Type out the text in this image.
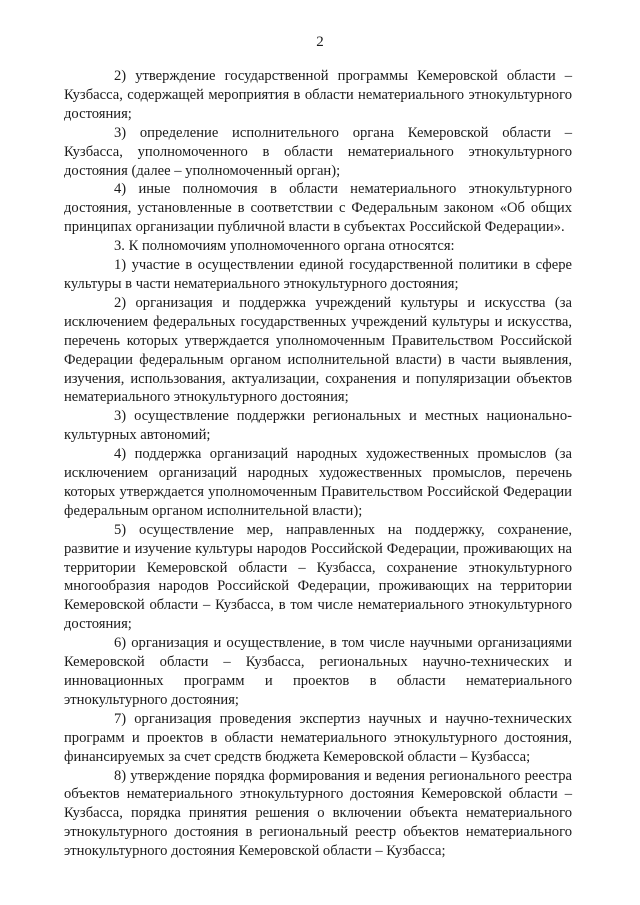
2

2) утверждение государственной программы Кемеровской области – Кузбасса, содержащей мероприятия в области нематериального этнокультурного достояния;

3) определение исполнительного органа Кемеровской области – Кузбасса, уполномоченного в области нематериального этнокультурного достояния (далее – уполномоченный орган);

4) иные полномочия в области нематериального этнокультурного достояния, установленные в соответствии с Федеральным законом «Об общих принципах организации публичной власти в субъектах Российской Федерации».

3. К полномочиям уполномоченного органа относятся:

1) участие в осуществлении единой государственной политики в сфере культуры в части нематериального этнокультурного достояния;

2) организация и поддержка учреждений культуры и искусства (за исключением федеральных государственных учреждений культуры и искусства, перечень которых утверждается уполномоченным Правительством Российской Федерации федеральным органом исполнительной власти) в части выявления, изучения, использования, актуализации, сохранения и популяризации объектов нематериального этнокультурного достояния;

3) осуществление поддержки региональных и местных национально-культурных автономий;

4) поддержка организаций народных художественных промыслов (за исключением организаций народных художественных промыслов, перечень которых утверждается уполномоченным Правительством Российской Федерации федеральным органом исполнительной власти);

5) осуществление мер, направленных на поддержку, сохранение, развитие и изучение культуры народов Российской Федерации, проживающих на территории Кемеровской области – Кузбасса, сохранение этнокультурного многообразия народов Российской Федерации, проживающих на территории Кемеровской области – Кузбасса, в том числе нематериального этнокультурного достояния;

6) организация и осуществление, в том числе научными организациями Кемеровской области – Кузбасса, региональных научно-технических и инновационных программ и проектов в области нематериального этнокультурного достояния;

7) организация проведения экспертиз научных и научно-технических программ и проектов в области нематериального этнокультурного достояния, финансируемых за счет средств бюджета Кемеровской области – Кузбасса;

8) утверждение порядка формирования и ведения регионального реестра объектов нематериального этнокультурного достояния Кемеровской области – Кузбасса, порядка принятия решения о включении объекта нематериального этнокультурного достояния в региональный реестр объектов нематериального этнокультурного достояния Кемеровской области – Кузбасса;
